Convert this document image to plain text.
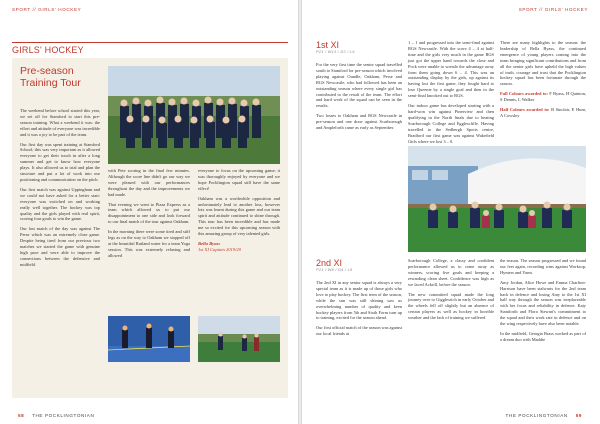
SPORT // GIRLS' HOCKEY
GIRLS' HOCKEY
Pre-season Training Tour

The weekend before school started this year, we set off for Stamford to start this pre-season training. What a weekend it was: the effort and attitude of everyone was incredible and it was a joy to be part of the team.

Our first day was spent training at Stamford School; this was very important as it allowed everyone to get their touch in after a long summer and get to know how everyone plays. It also allowed us to trial and plan the structure and put a lot of work into our positioning and communication on the pitch.

Our first match was against Uppingham and we could not have asked for a better start: everyone was switched on and working really well together. The hockey was top quality and the girls played with real spirit, scoring four goals to win the game.

Our last match of the day was against The Perse which was an extremely close game. Despite being tired from our previous two matches we started the game with genuine high pace and were able to improve the connections between the defensive and midfield.

with Pete scoring in the final few minutes. Although the score line didn't go our way we were pleased with our performances throughout the day and the improvements we had made.

That evening we went to Pizza Express as a team which allowed us to put our disappointment to one side and look forward to our final match of the tour against Oakham.

In the morning there were some tired and stiff legs as on the way to Oakham we stopped off at the beautiful Rutland water for a team Yoga session. This was extremely relaxing and allowed

everyone to focus on the upcoming game; it was thoroughly enjoyed by everyone and we hope Pocklington squad still have the same effect!

Oakham was a worthwhile opposition and unfortunately lead to another loss, however lots was learnt during this game and our team spirit and attitude continued to shine through. This tour has been incredible and has made me so excited for this upcoming season with this amazing group of very talented girls.

Bella Byass
1st XI Captain 2019/20

58 THE POCKLINGTONIAN
SPORT // GIRLS' HOCKEY
1st XI
P21 / W13 / D2 / L6

For the very first time the senior squad travelled south to Stamford for pre-season which involved playing against Oundle, Oakham, Perse and RGS Newcastle, who had followed has been an outstanding season where every single girl has contributed to the result of the team. The effort and hard work of the squad can be seen in the results.

Two losses to Oakham and RGS Newcastle in pre-season and one draw against Scarborough and Ampleforth came as early as September.

1 – 1 and progressed into the semi-final against RGS Newcastle. With the score 4 – 4 at half-time and the girls very much in the game RGS just got the upper hand towards the close and Pock were unable to wrestle the advantage away from them going down 6 – 4. This was an outstanding display by the girls, up against its having lost the first game, they fought hard to lose Queenie by a single goal and then in the semi-final knocked out to RGS.

Our indoor game has developed starting with a hard-won win against Pinesview and then qualifying in the North finals due to beating Scarborough College and Egglescliffe. Having travelled to the Sedbergh Sports centre, Bradford our first game was against Wakefield Girls where we lost 3 – 0.

There are many highlights to the season: the leadership of Bella Byass, the continued emergence of young players coming into the team bringing significant contributions and from all the senior girls have upheld the high values of truth, courage and trust that the Pocklington hockey squad has been fortunate through the season.

Full Colours awarded to: F Byass, H Quinton, S Dennis, L Walker

Half Colours awarded to: B Sinclair, E Hunt, A Cowsley

2nd XI
P21 / W8 / D4 / L9

The 2nd XI in any senior squad is always a very special team as it is made up of those girls who love to play hockey. The first term of the season, while the sun was still shining saw us overwhelming number of quality and keen hockey players from 5th and Sixth Form turn up to training, excited for the season ahead.

Our first official match of the season was against our local friends at

Scarborough College, a classy and confident performance allowed us to come away as winners, scoring five goals and keeping a rewarding clean sheet. Confidence was high as we faced Ackrill, before the season.

The new committed squad made the long journey over to Gigglesrich in early October and the wheels fell off slightly but an absence of certain players as well as hockey in horrible weather and the lack of training we suffered

the season. The season progressed and we found our feet again, recording wins against Worksop, Hymers and Yarm.

Amy Jordan, Alice Howe and Emma Charlton-Harrison have been stalwarts for the 2nd team back in defence and losing Amy to the 1st XI half way through the season was irreplaceable with her focus and reliability in defence. Katy Staniforth and Flora Stewart's commitment to the squad and their work rate in defence and on the wing respectively have also been notable.

In the midfield, Georgia Brass worked as part of a dream duo with Maddie

THE POCKLINGTONIAN 59
